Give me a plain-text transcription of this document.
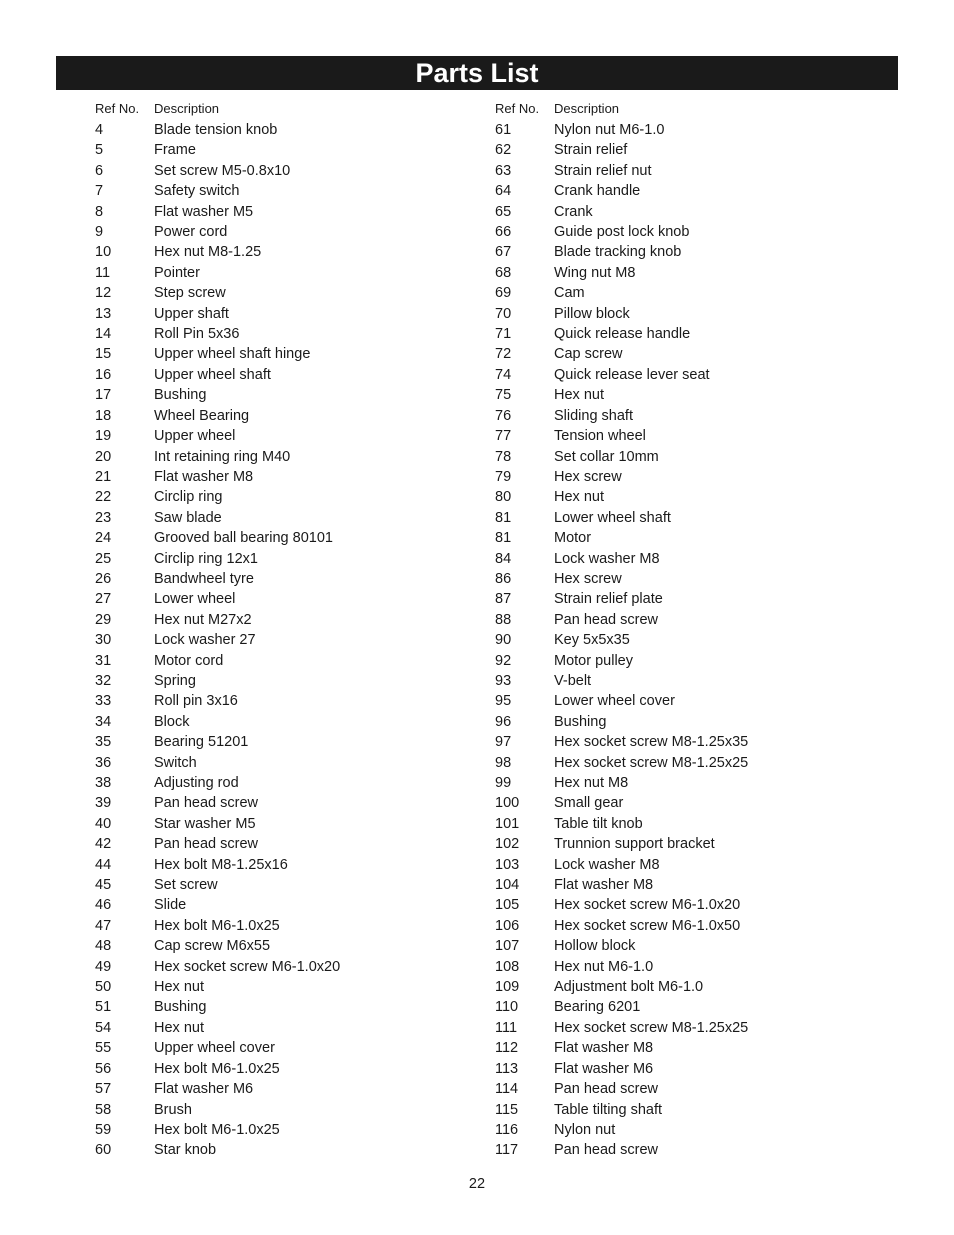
Parts List
Ref No. Description
4	Blade tension knob
5	Frame
6	Set screw M5-0.8x10
7	Safety switch
8	Flat washer M5
9	Power cord
10	Hex nut M8-1.25
11	Pointer
12	Step screw
13	Upper shaft
14	Roll Pin 5x36
15	Upper wheel shaft hinge
16	Upper wheel shaft
17	Bushing
18	Wheel Bearing
19	Upper wheel
20	Int retaining ring M40
21	Flat washer M8
22	Circlip ring
23	Saw blade
24	Grooved ball bearing 80101
25	Circlip ring 12x1
26	Bandwheel tyre
27	Lower wheel
29	Hex nut M27x2
30	Lock washer 27
31	Motor cord
32	Spring
33	Roll pin 3x16
34	Block
35	Bearing 51201
36	Switch
38	Adjusting rod
39	Pan head screw
40	Star washer M5
42	Pan head screw
44	Hex bolt M8-1.25x16
45	Set screw
46	Slide
47	Hex bolt M6-1.0x25
48	Cap screw M6x55
49	Hex socket screw M6-1.0x20
50	Hex nut
51	Bushing
54	Hex nut
55	Upper wheel cover
56	Hex bolt M6-1.0x25
57	Flat washer M6
58	Brush
59	Hex bolt M6-1.0x25
60	Star knob
Ref No. Description
61	Nylon nut M6-1.0
62	Strain relief
63	Strain relief nut
64	Crank handle
65	Crank
66	Guide post lock knob
67	Blade tracking knob
68	Wing nut M8
69	Cam
70	Pillow block
71	Quick release handle
72	Cap screw
74	Quick release lever seat
75	Hex nut
76	Sliding shaft
77	Tension wheel
78	Set collar 10mm
79	Hex screw
80	Hex nut
81	Lower wheel shaft
81	Motor
84	Lock washer M8
86	Hex screw
87	Strain relief plate
88	Pan head screw
90	Key 5x5x35
92	Motor pulley
93	V-belt
95	Lower wheel cover
96	Bushing
97	Hex socket screw M8-1.25x35
98	Hex socket screw M8-1.25x25
99	Hex nut M8
100 Small gear
101 Table tilt knob
102 Trunnion support bracket
103 Lock washer M8
104 Flat washer M8
105 Hex socket screw M6-1.0x20
106 Hex socket screw M6-1.0x50
107 Hollow block
108 Hex nut M6-1.0
109 Adjustment bolt M6-1.0
110 Bearing 6201
111	Hex socket screw M8-1.25x25
112 Flat washer M8
113 Flat washer M6
114 Pan head screw
115 Table tilting shaft
116 Nylon nut
117 Pan head screw
22
